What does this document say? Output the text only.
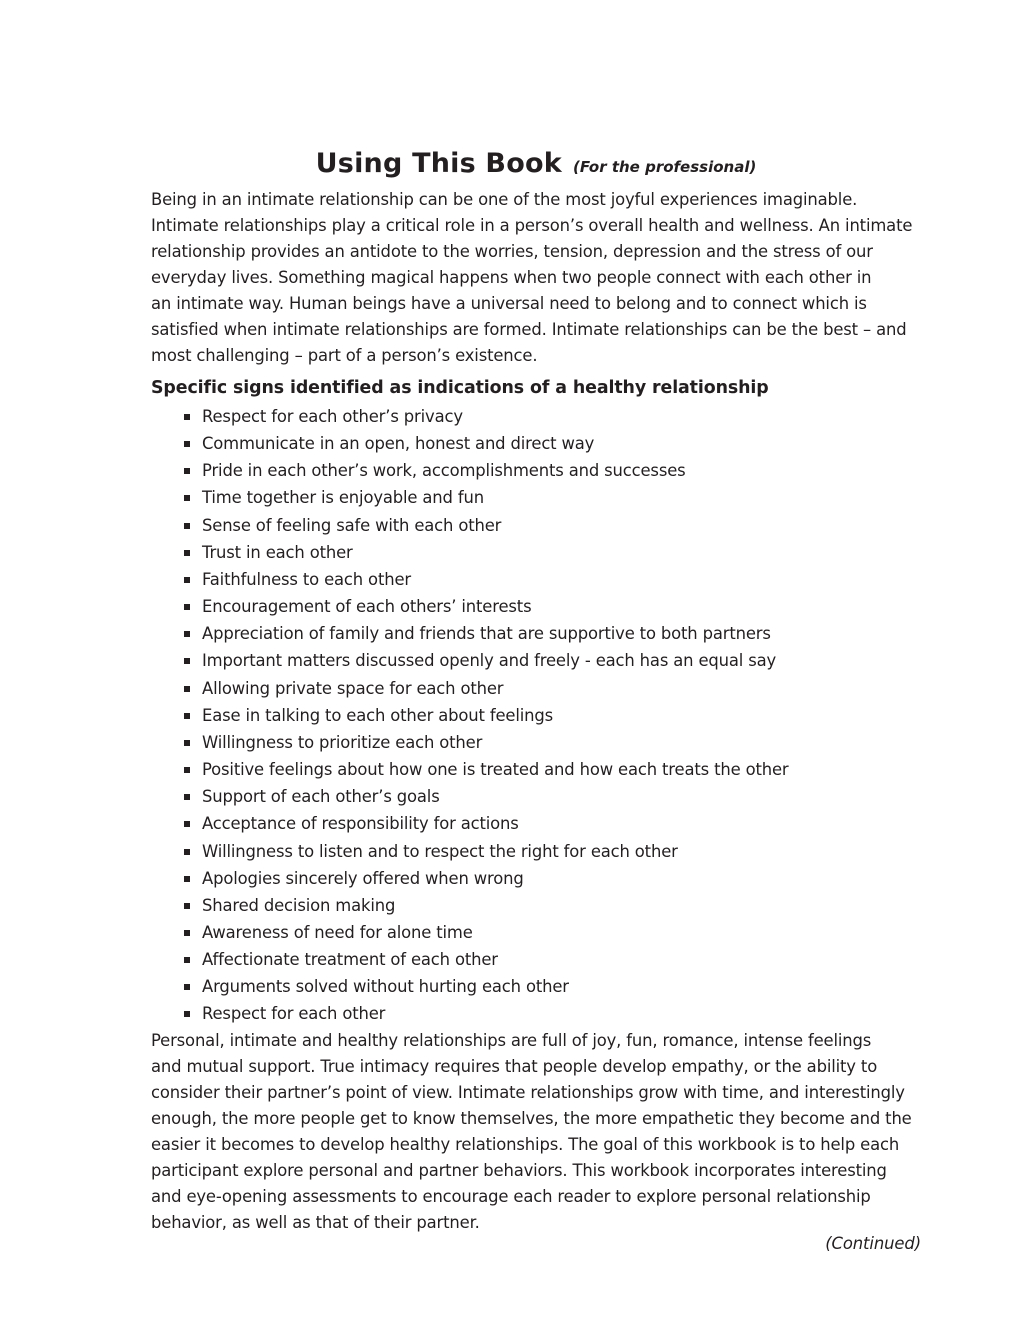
Using This Book (For the professional)

Being in an intimate relationship can be one of the most joyful experiences imaginable.
Intimate relationships play a critical role in a person’s overall health and wellness. An intimate
relationship provides an antidote to the worries, tension, depression and the stress of our
everyday lives. Something magical happens when two people connect with each other in
an intimate way. Human beings have a universal need to belong and to connect which is
satisfied when intimate relationships are formed. Intimate relationships can be the best – and
most challenging – part of a person’s existence.

Specific signs identified as indications of a healthy relationship
Respect for each other’s privacy
Communicate in an open, honest and direct way
Pride in each other’s work, accomplishments and successes
Time together is enjoyable and fun
Sense of feeling safe with each other
Trust in each other
Faithfulness to each other
Encouragement of each others’ interests
Appreciation of family and friends that are supportive to both partners
Important matters discussed openly and freely - each has an equal say
Allowing private space for each other
Ease in talking to each other about feelings
Willingness to prioritize each other
Positive feelings about how one is treated and how each treats the other
Support of each other’s goals
Acceptance of responsibility for actions
Willingness to listen and to respect the right for each other
Apologies sincerely offered when wrong
Shared decision making
Awareness of need for alone time
Affectionate treatment of each other
Arguments solved without hurting each other
Respect for each other

Personal, intimate and healthy relationships are full of joy, fun, romance, intense feelings
and mutual support. True intimacy requires that people develop empathy, or the ability to
consider their partner’s point of view. Intimate relationships grow with time, and interestingly
enough, the more people get to know themselves, the more empathetic they become and the
easier it becomes to develop healthy relationships. The goal of this workbook is to help each
participant explore personal and partner behaviors. This workbook incorporates interesting
and eye-opening assessments to encourage each reader to explore personal relationship
behavior, as well as that of their partner.

(Continued)
